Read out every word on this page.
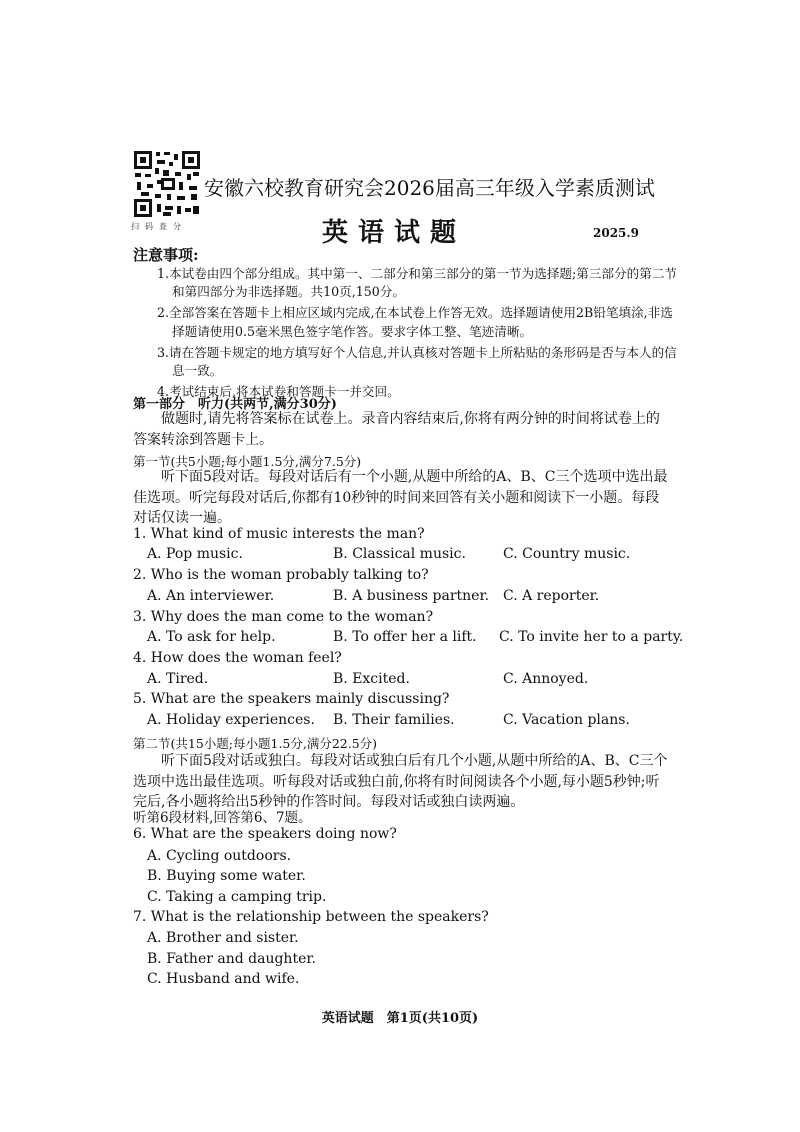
扫码查分
安徽六校教育研究会2026届高三年级入学素质测试
英语试题	2025.9
注意事项:
1.本试卷由四个部分组成。其中第一、二部分和第三部分的第一节为选择题;第三部分的第二节和第四部分为非选择题。共10页,150分。
2.全部答案在答题卡上相应区域内完成,在本试卷上作答无效。选择题请使用2B铅笔填涂,非选择题请使用0.5毫米黑色签字笔作答。要求字体工整、笔迹清晰。
3.请在答题卡规定的地方填写好个人信息,并认真核对答题卡上所粘贴的条形码是否与本人的信息一致。
4.考试结束后,将本试卷和答题卡一并交回。
第一部分　听力(共两节,满分30分)
做题时,请先将答案标在试卷上。录音内容结束后,你将有两分钟的时间将试卷上的答案转涂到答题卡上。
第一节(共5小题;每小题1.5分,满分7.5分)
听下面5段对话。每段对话后有一个小题,从题中所给的A、B、C三个选项中选出最佳选项。听完每段对话后,你都有10秒钟的时间来回答有关小题和阅读下一小题。每段对话仅读一遍。
1. What kind of music interests the man?
A. Pop music.	B. Classical music.	C. Country music.
2. Who is the woman probably talking to?
A. An interviewer.	B. A business partner. C. A reporter.
3. Why does the man come to the woman?
A. To ask for help.	B. To offer her a lift. C. To invite her to a party.
4. How does the woman feel?
A. Tired.	B. Excited.	C. Annoyed.
5. What are the speakers mainly discussing?
A. Holiday experiences. B. Their families.	C. Vacation plans.
第二节(共15小题;每小题1.5分,满分22.5分)
听下面5段对话或独白。每段对话或独白后有几个小题,从题中所给的A、B、C三个选项中选出最佳选项。听每段对话或独白前,你将有时间阅读各个小题,每小题5秒钟;听完后,各小题将给出5秒钟的作答时间。每段对话或独白读两遍。
听第6段材料,回答第6、7题。
6. What are the speakers doing now?
A. Cycling outdoors.
B. Buying some water.
C. Taking a camping trip.
7. What is the relationship between the speakers?
A. Brother and sister.
B. Father and daughter.
C. Husband and wife.
英语试题　第1页(共10页)
